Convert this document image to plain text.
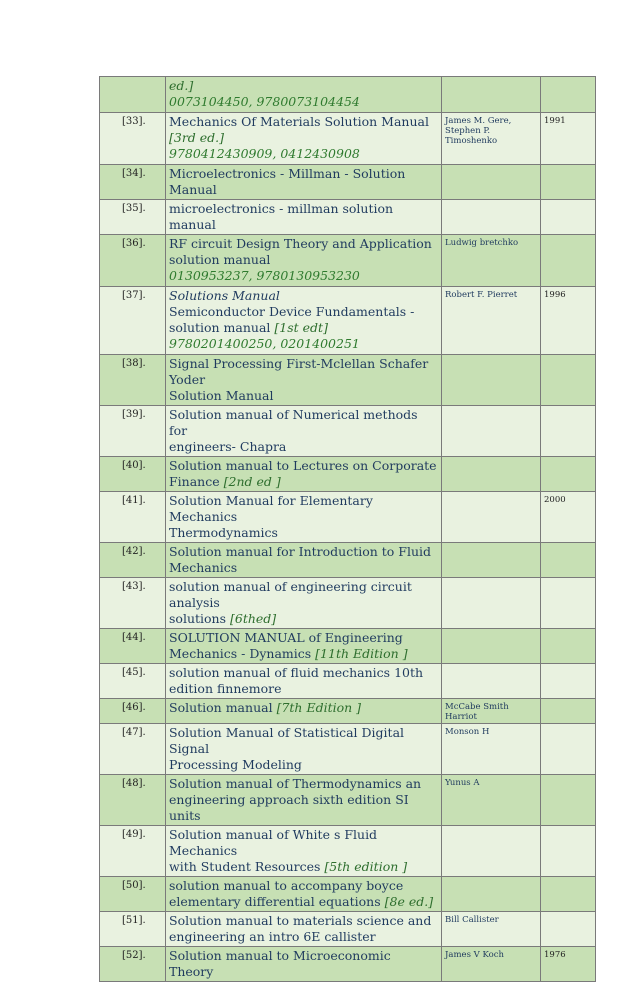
	ed.]
0073104450, 9780073104454		

[33].	Mechanics Of Materials Solution Manual [3rd ed.]
9780412430909, 0412430908	James M. Gere, Stephen P. Timoshenko	1991
[34].	Microelectronics - Millman - Solution Manual		

[35].	microelectronics - millman solution manual		

[36].	RF circuit Design Theory and Application
solution manual
0130953237, 9780130953230	Ludwig bretchko	
[37].	Solutions Manual
Semiconductor Device Fundamentals -
solution manual [1st edt]
9780201400250, 0201400251	Robert F. Pierret	1996
[38].	Signal Processing First-Mclellan Schafer Yoder
Solution Manual		

[39].	Solution manual of Numerical methods for
engineers- Chapra		

[40].	Solution manual to Lectures on Corporate
Finance [2nd ed ]		

[41].	Solution Manual for Elementary Mechanics
Thermodynamics		2000
[42].	Solution manual for Introduction to Fluid
Mechanics		

[43].	solution manual of engineering circuit analysis
solutions [6thed]		

[44].	SOLUTION MANUAL of Engineering
Mechanics - Dynamics [11th Edition ]		

[45].	solution manual of fluid mechanics 10th
edition finnemore		

[46].	Solution manual [7th Edition ]	McCabe Smith Harriot	
[47].	Solution Manual of Statistical Digital Signal
Processing Modeling	Monson H	
[48].	Solution manual of Thermodynamics an
engineering approach sixth edition SI units	Yunus A	
[49].	Solution manual of White s Fluid Mechanics
with Student Resources [5th edition ]		

[50].	solution manual to accompany boyce
elementary differential equations [8e ed.]		

[51].	Solution manual to materials science and
engineering an intro 6E callister	Bill Callister	
[52].	Solution manual to Microeconomic Theory	James V Koch	1976
